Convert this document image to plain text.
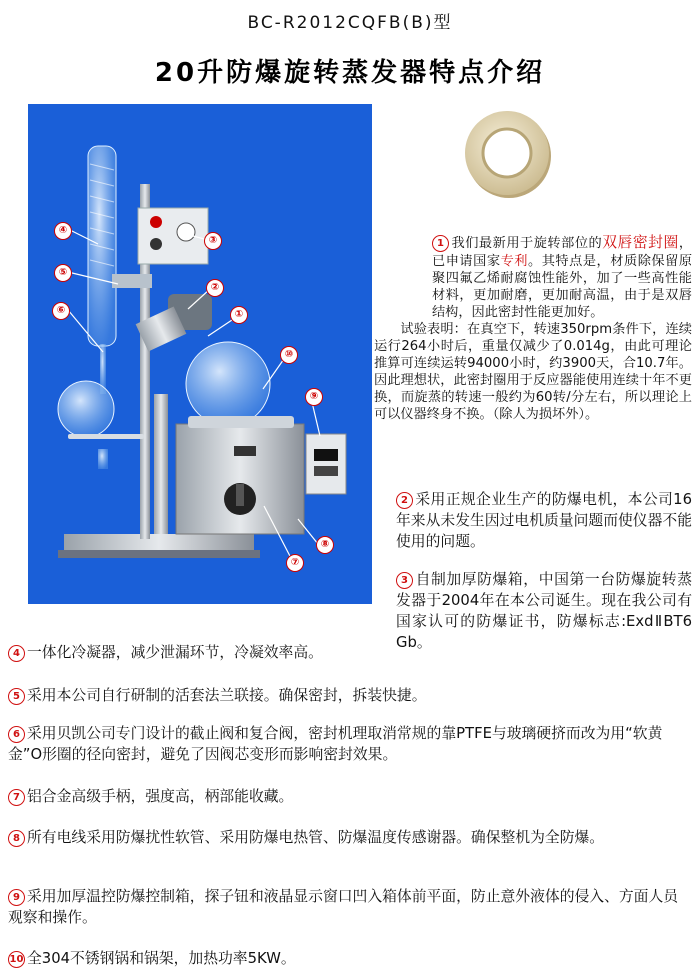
BC-R2012CQFB(B)型
20升防爆旋转蒸发器特点介绍
④
⑤
⑥
③
②
①
⑩
⑨
⑧
⑦
1 我们最新用于旋转部位的双唇密封圈，已申请国家专利。其特点是，材质除保留原聚四氟乙烯耐腐蚀性能外，加了一些高性能材料，更加耐磨，更加耐高温，由于是双唇结构，因此密封性能更加好。
试验表明：在真空下，转速350rpm条件下，连续运行264小时后，重量仅减少了0.014g，由此可理论推算可连续运转94000小时，约3900天，合10.7年。因此理想状，此密封圈用于反应器能使用连续十年不更换，而旋蒸的转速一般约为60转/分左右，所以理论上可以仪器终身不换。（除人为损坏外）。
2 采用正规企业生产的防爆电机，本公司16年来从未发生因过电机质量问题而使仪器不能使用的问题。
3 自制加厚防爆箱，中国第一台防爆旋转蒸发器于2004年在本公司诞生。现在我公司有国家认可的防爆证书，防爆标志:ExdⅡBT6 Gb。
4 一体化冷凝器，减少泄漏环节，冷凝效率高。
5 采用本公司自行研制的活套法兰联接。确保密封，拆装快捷。
6 采用贝凯公司专门设计的截止阀和复合阀，密封机理取消常规的靠PTFE与玻璃硬挤而改为用“软黄金”O形圈的径向密封，避免了因阀芯变形而影响密封效果。
7 铝合金高级手柄，强度高，柄部能收藏。
8 所有电线采用防爆扰性软管、采用防爆电热管、防爆温度传感谢器。确保整机为全防爆。
9 采用加厚温控防爆控制箱，探子钮和液晶显示窗口凹入箱体前平面，防止意外液体的侵入、方面人员观察和操作。
10 全304不锈钢锅和锅架，加热功率5KW。
